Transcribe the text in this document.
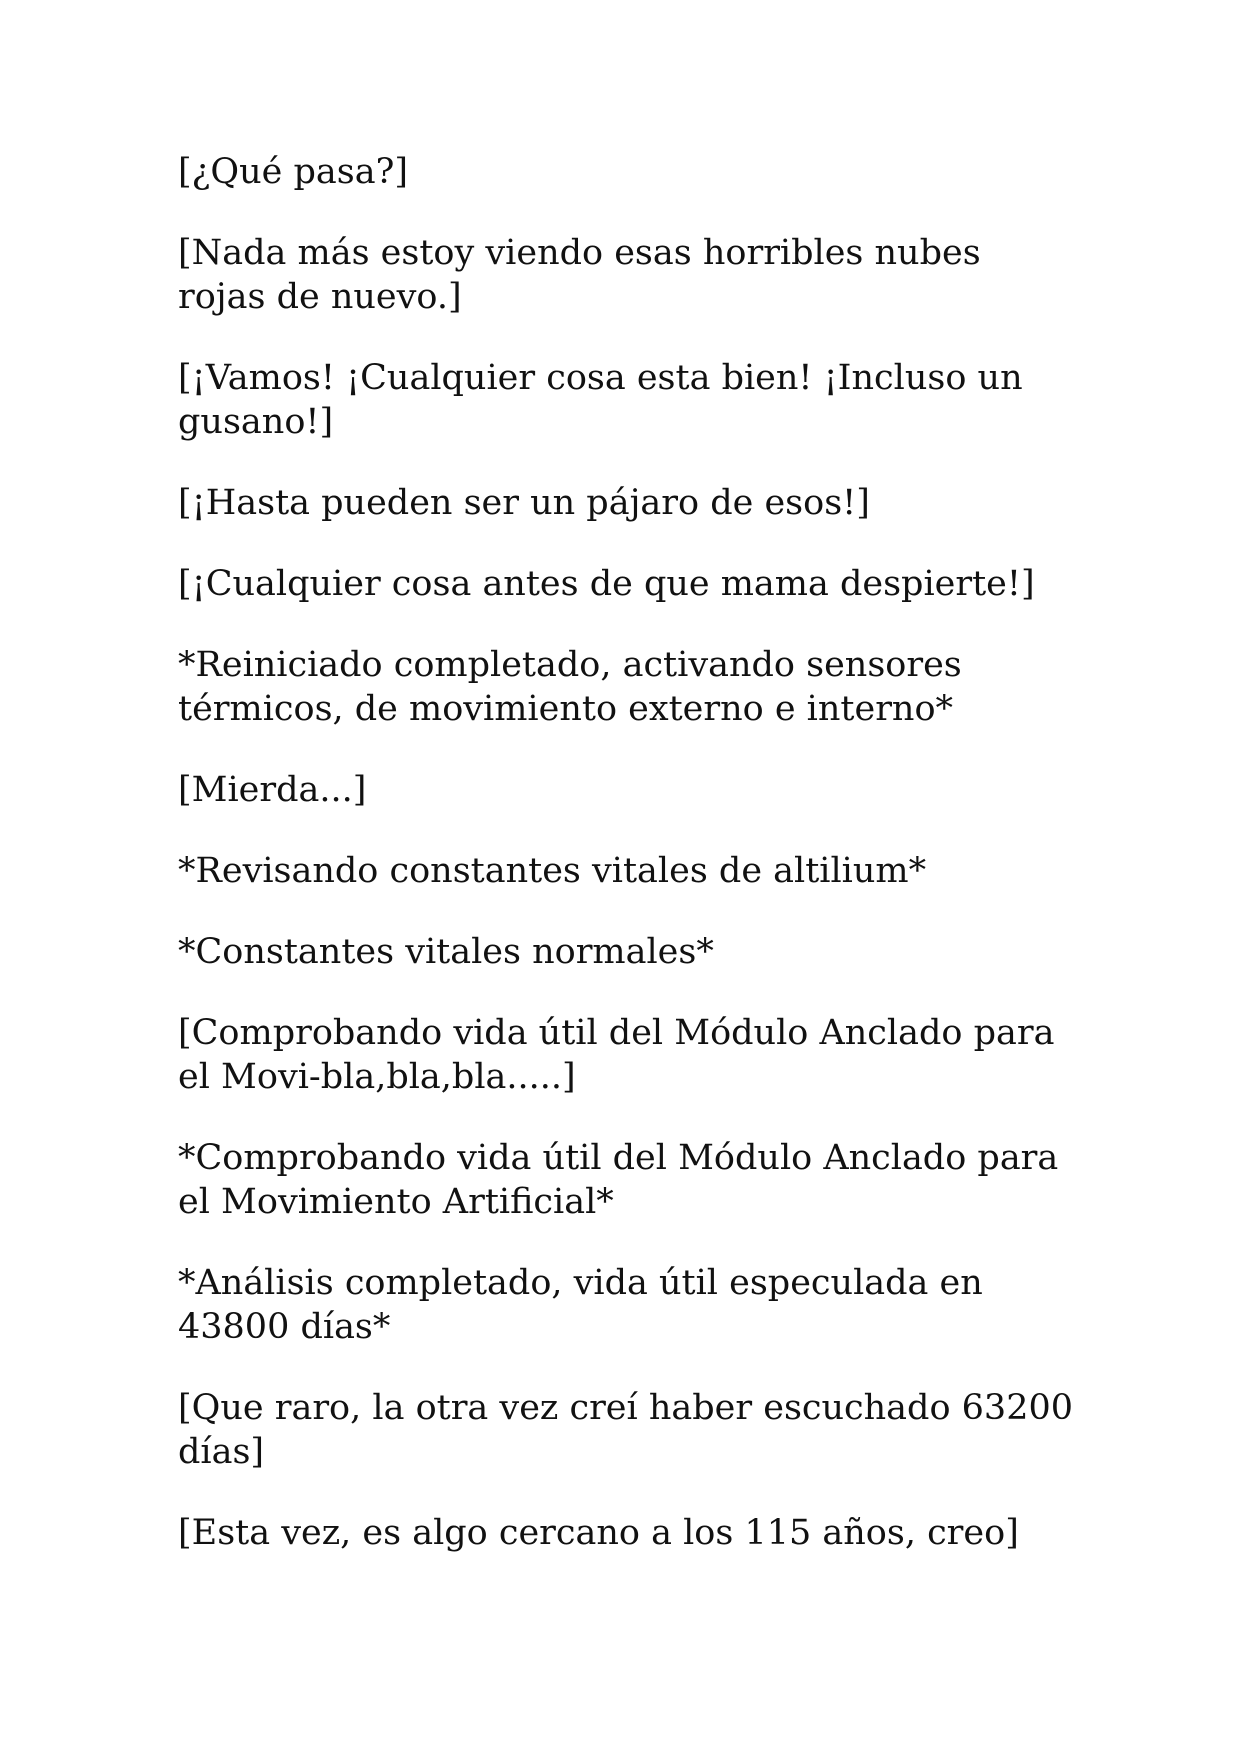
[¿Qué pasa?]

[Nada más estoy viendo esas horribles nubes rojas de nuevo.]

[¡Vamos! ¡Cualquier cosa esta bien! ¡Incluso un gusano!]

[¡Hasta pueden ser un pájaro de esos!]

[¡Cualquier cosa antes de que mama despierte!]

*Reiniciado completado, activando sensores térmicos, de movimiento externo e interno*

[Mierda...]

*Revisando constantes vitales de altilium*

*Constantes vitales normales*

[Comprobando vida útil del Módulo Anclado para el Movi-bla,bla,bla.....]

*Comprobando vida útil del Módulo Anclado para el Movimiento Artificial*

*Análisis completado, vida útil especulada en 43800 días*

[Que raro, la otra vez creí haber escuchado 63200 días]

[Esta vez, es algo cercano a los 115 años, creo]
